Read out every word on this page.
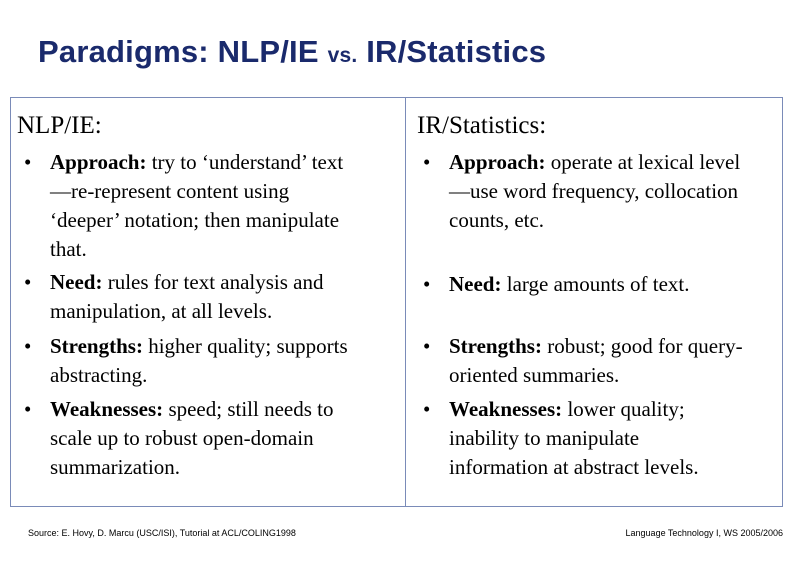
Paradigms: NLP/IE vs. IR/Statistics
NLP/IE:
• Approach: try to ‘understand’ text
—re-represent content using
‘deeper’ notation; then manipulate
that.
• Need: rules for text analysis and
manipulation, at all levels.
• Strengths: higher quality; supports
abstracting.
• Weaknesses: speed; still needs to
scale up to robust open-domain
summarization.
IR/Statistics:
• Approach: operate at lexical level
—use word frequency, collocation
counts, etc.
• Need: large amounts of text.
• Strengths: robust; good for query-
oriented summaries.
• Weaknesses: lower quality;
inability to manipulate
information at abstract levels.
Source: E. Hovy, D. Marcu (USC/ISI), Tutorial at ACL/COLING1998	Language Technology I, WS 2005/2006
